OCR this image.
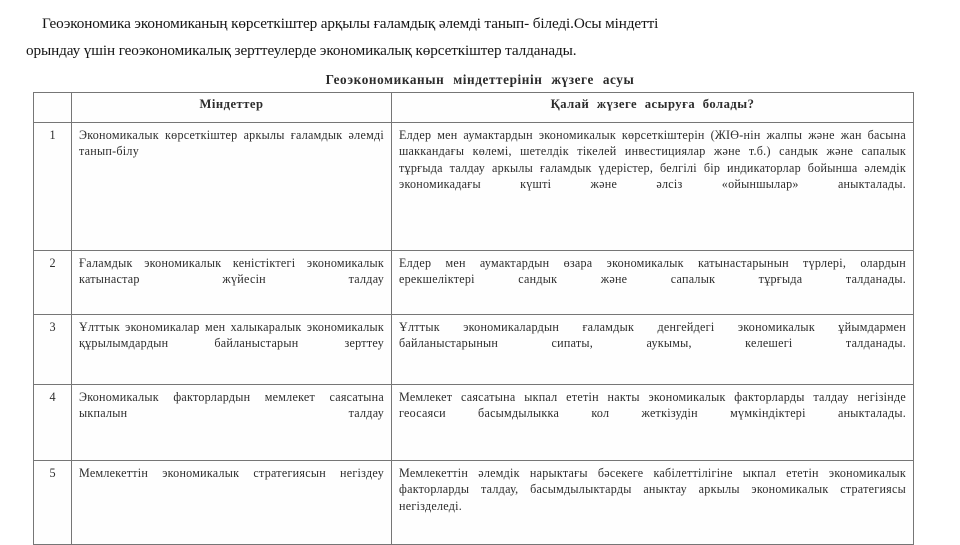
Геоэкономика экономиканың көрсеткіштер арқылы ғаламдық әлемді танып- біледі.Осы міндетті
орындау үшін геоэкономикалық зерттеулерде экономикалық көрсеткіштер талданады.
Геоэкономиканын міндеттерінін жүзеге асуы
	Міндеттер	Қалай жүзеге асыруға болады?
1	Экономикалык көрсеткіштер аркылы ғаламдык әлемді танып-білу	Елдер мен аумактардын экономикалык көрсеткіштерін (ЖІӨ-нін жалпы және жан басына шаккандағы көлемі, шетелдік тікелей инвестициялар және т.б.) сандык және сапалык тұрғыда талдау аркылы ғаламдык үдерістер, белгілі бір индикаторлар бойынша әлемдік экономикадағы күшті және әлсіз «ойыншылар» аныкталады.

2	Ғаламдык экономикалык кеністіктегі экономикалык катынастар жүйесін талдау	Елдер мен аумактардын өзара экономикалык катынастарынын түрлері, олардын ерекшеліктері сандык және сапалык тұрғыда талданады.

3	Ұлттык экономикалар мен халыкаралык экономикалык құрылымдардын байланыстарын зерттеу	Ұлттык экономикалардын ғаламдык денгейдегі экономикалык ұйымдармен байланыстарынын сипаты, аукымы, келешегі талданады.

4	Экономикалык факторлардын мемлекет саясатына ыкпалын талдау	Мемлекет саясатына ыкпал ететін накты экономикалык факторларды талдау негізінде геосаяси басымдылыкка кол жеткізудін мүмкіндіктері аныкталады.

5	Мемлекеттін экономикалык стратегиясын негіздеу	Мемлекеттін әлемдік нарыктағы бәсекеге кабілеттілігіне ыкпал ететін экономикалык факторларды талдау, басымдылыктарды аныктау аркылы экономикалык стратегиясы негізделеді.
